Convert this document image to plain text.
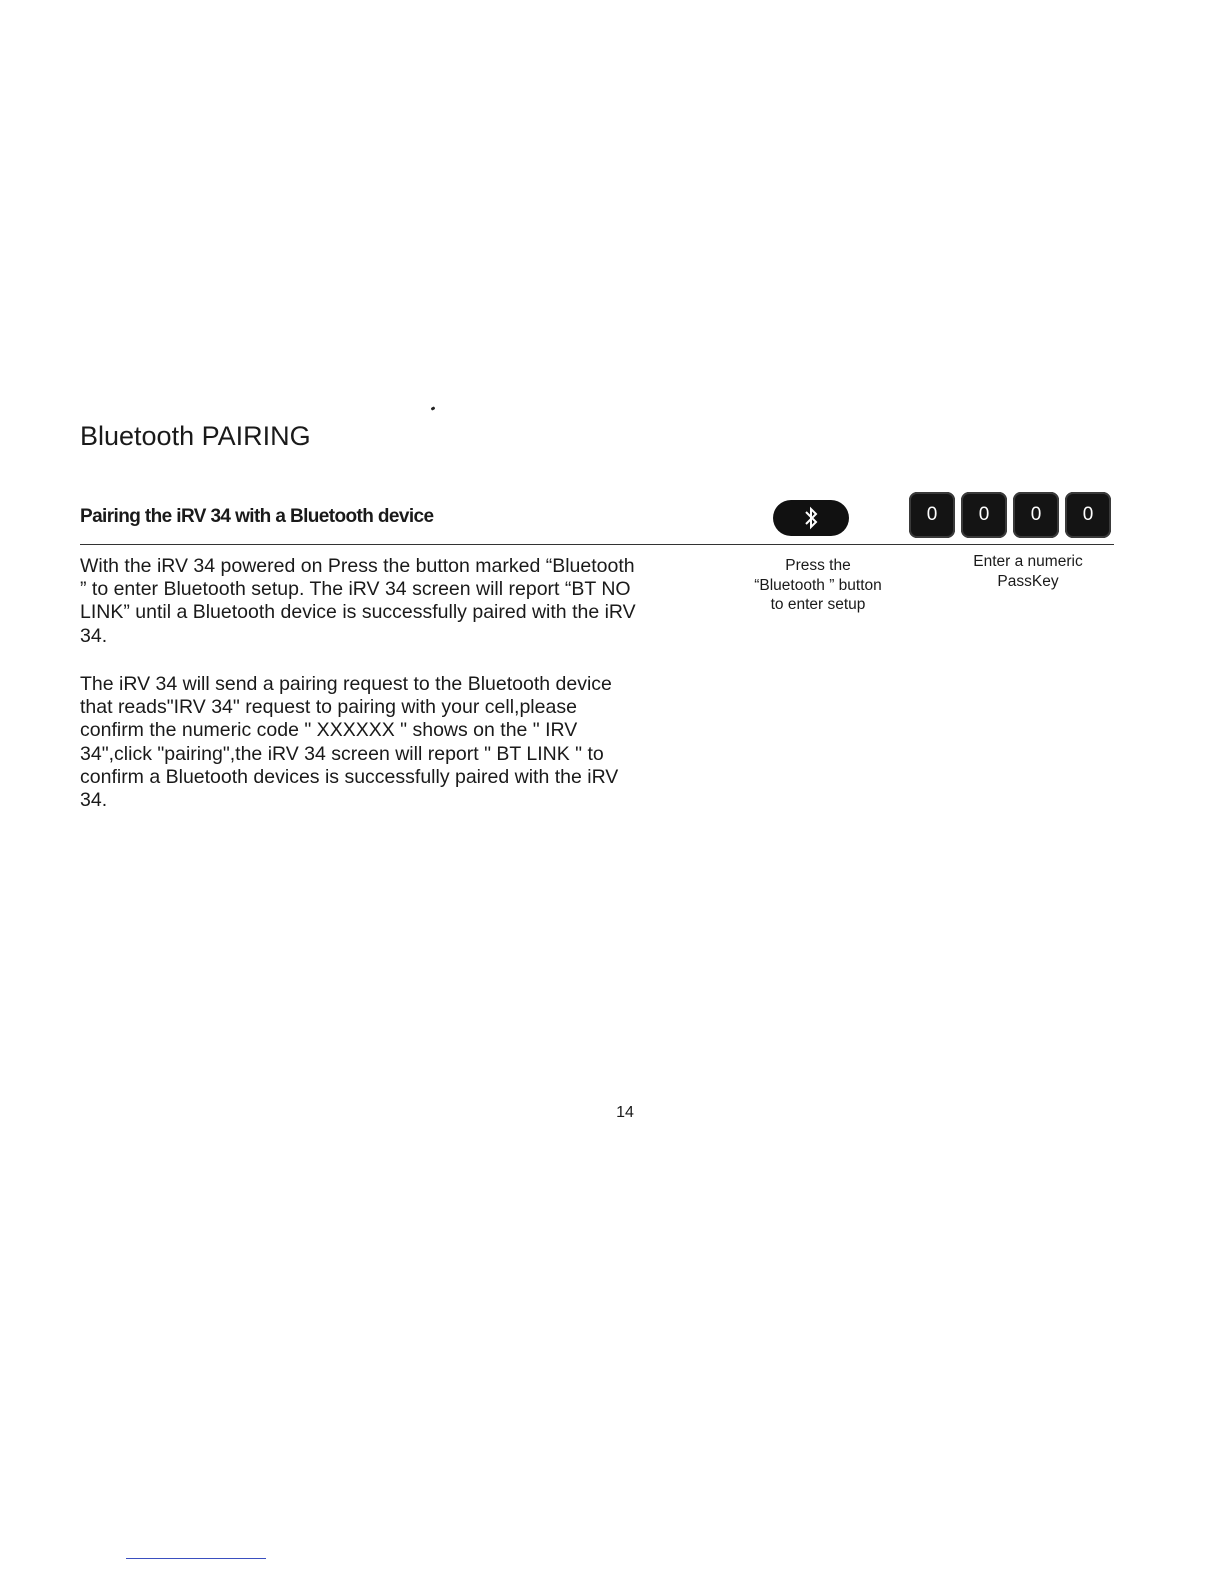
Bluetooth PAIRING
Pairing the iRV 34 with a Bluetooth device

With the iRV 34 powered on Press the button marked “Bluetooth ” to enter Bluetooth setup. The iRV 34 screen will report “BT NO LINK” until a Bluetooth device is successfully paired with the iRV 34.

The iRV 34 will send a pairing request to the Bluetooth device that reads"IRV 34" request to pairing with your cell,please confirm the numeric code " XXXXXX " shows on the " IRV 34",click "pairing",the iRV 34 screen will report " BT LINK " to confirm a Bluetooth devices is successfully paired with the iRV 34.

Press the “Bluetooth ” button to enter setup

0	0	0	0

Enter a numeric PassKey

14
